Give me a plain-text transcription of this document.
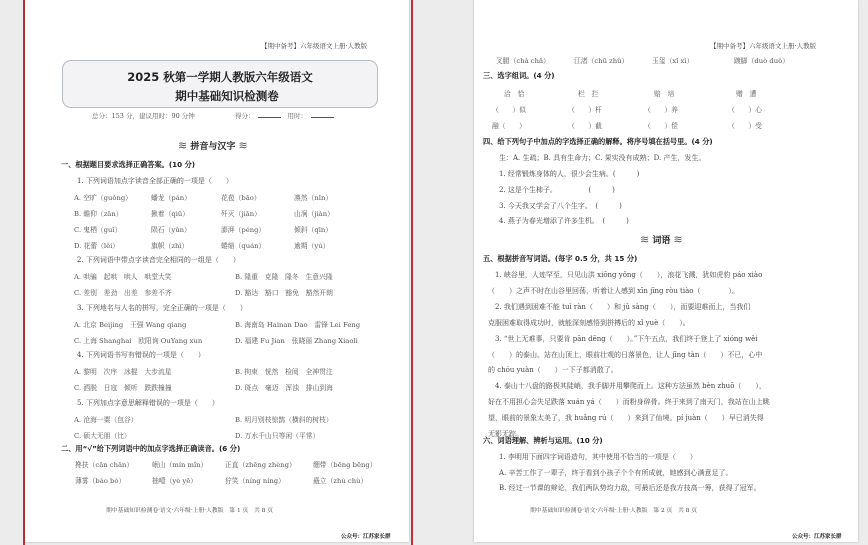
【期中备考】六年级语文上册·人教版
2025 秋第一学期人教版六年级语文
期中基础知识检测卷
总分：153 分，建议用时：90 分钟	得分：	用时：
≋ 拼音与汉字 ≋
一、根据题目要求选择正确答案。(10 分)
1. 下列词语加点字读音全部正确的一项是（　　）
A. 空旷（guǒng）	蟠龙（pán）	花苞（bāo）	凛然（nǐn）
B. 瞻仰（zān）	揪着（qiū）	歼灭（jiān）	山涧（jiàn）
C. 鬼栖（guǐ）	陨石（yǔn）	澎湃（péng）	倾斜（qīn）
D. 花蕾（lěi）	旗帜（zhì）	蜷缩（quán）	逾期（yú）
2. 下列词语中带点字读音完全相同的一组是（　　）
A. 哄骗　起哄　哄人　哄堂大笑	B. 隆重　克隆　隆冬　生意兴隆
C. 差别　差劲　出差　参差不齐	D. 豁达　豁口　豁免　豁然开朗
3. 下列地名与人名的拼写，完全正确的一项是（　　）
A. 北京 Beijing　王强 Wang qiang	B. 海南岛 Hainan Dao　雷锋 Lei Feng
C. 上海 Shanghai　欧阳询 OuYang xun	D. 福建 Fu Jian　张晓丽 Zhang Xiaoli
4. 下列词语书写有错误的一项是（　　）
A. 黎明　次序　冰棍　大步流星	B. 拘束　恍然　检阅　全神贯注
C. 洒脱　日寇　倾听　跌跌撞撞	D. 斑点　毫迈　浑浊　排山到海
5. 下列加点字意思解释错误的一项是（　　）
A. 沧海一粟（包谷）	B. 明月别枝惊鹊（横斜的树枝）
C. 硕大无朋（比）	D. 万水千山只等闲（平常）
二、用“√”给下列词语中的加点字选择正确读音。(6 分)
搀扶（cān chān）	岷山（mín mǐn）	正直（zhēng zhèng）	绷带（bēng bēng）
薄雾（báo bó）	抽噎（yè yē）	狞笑（níng níng）	矗立（zhù chù）
期中基础知识检测卷·语文·六年级·上册·人教版　第 1 页　共 8 页
公众号：江苏家长群
【期中备考】六年级语文上册·人教版
叉腿（chà chǎ）	江渚（chū zhǔ）	玉玺（xǐ xì）	踱脚（duò duǒ）
三、选字组词。(4 分)
洽　恰	栏　拦	赔　培	赠　遭
（　　）似	（　　）杆	（　　）养	（　　）心
融（　　）	（　　）截	（　　）偿	（　　）受
四、给下列句子中加点的字选择正确的解释。将序号填在括号里。(4 分)
生：A. 生疏；B. 具有生命力；C. 果实没有成熟；D. 产生，发生。
1. 经常锻炼身体的人，很少会生病。(　　　)
2. 这是个生柿子。　　　　　(　　　)
3. 今天我又学会了八个生字。　(　　　)
4. 燕子为春光增添了许多生机。　(　　　)
≋ 词语 ≋
五、根据拼音写词语。(每字 0.5 分，共 15 分)
　1. 峡谷里，人迹罕至，只见山洪 xiōng yǒng（　　），浪花飞溅，犹如虎豹 páo xiào
（　　）之声不时在山谷里回荡，听着让人感到 xīn jīng ròu tiào（　　　　）。
　2. 我们遇到困难不能 tuì ràn（　　）和 jǔ sàng（　　），而要迎难而上，当我们
克服困难取得成功时，就能深刻感悟到拼搏后的 xǐ yuè（　　）。
　3. “世上无难事，只要肯 pān dēng（　　）。”下午五点，我们终于登上了 xióng wěi
（　　）的泰山。站在山顶上，眼前壮观的日落景色，让人 jīng tàn（　　）不已，心中
的 chóu yuàn（　　）一下子都消散了。
　4. 泰山十八盘的路极其陡峭，我手脚并用攀爬而上。这种方法虽然 bèn zhuō（　　），
好在不用担心会失足跌落 xuán yá（　　）而粉身碎骨。终于来到了南天门，我站在山上眺
望，眼前的景象太美了，我 huǎng rú（　　）来到了仙境。pí juàn（　　）早已消失得
无影无踪。
六、词语理解、辨析与运用。(10 分)
1. 李明用下面四字词语造句，其中使用不恰当的一项是（　　）
A. 辛苦工作了一辈子，终于看到小孩子个个有所成就，她感到心满意足了。
B. 经过一节课的辩论，我们两队势均力敌，可最后还是我方技高一筹，获得了冠军。
期中基础知识检测卷·语文·六年级·上册·人教版　第 2 页　共 8 页
公众号：江苏家长群
